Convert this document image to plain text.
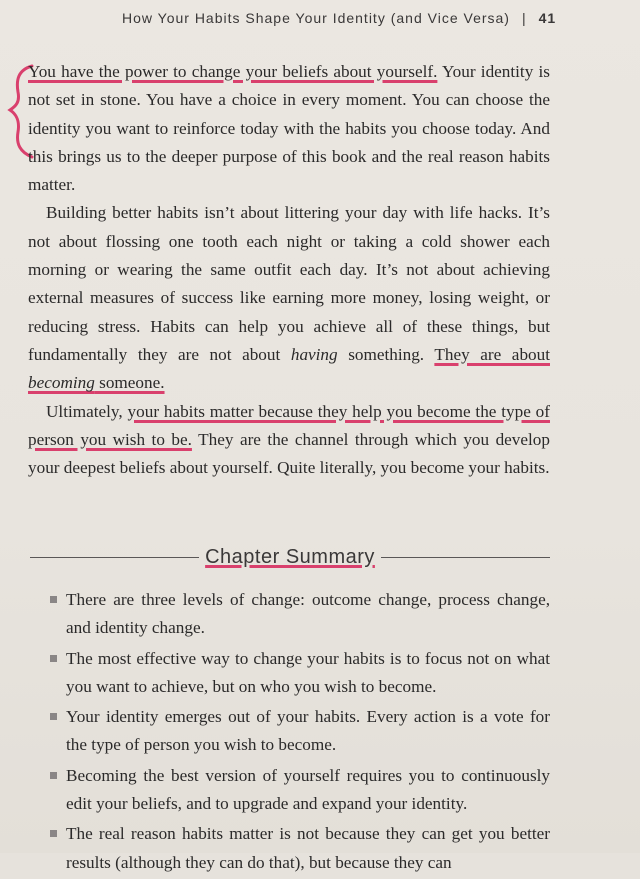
How Your Habits Shape Your Identity (and Vice Versa) | 41

You have the power to change your beliefs about yourself. Your identity is not set in stone. You have a choice in every moment. You can choose the identity you want to reinforce today with the habits you choose today. And this brings us to the deeper purpose of this book and the real reason habits matter.

Building better habits isn’t about littering your day with life hacks. It’s not about flossing one tooth each night or taking a cold shower each morning or wearing the same outfit each day. It’s not about achieving external measures of success like earning more money, losing weight, or reducing stress. Habits can help you achieve all of these things, but fundamentally they are not about having something. They are about becoming someone.

Ultimately, your habits matter because they help you become the type of person you wish to be. They are the channel through which you develop your deepest beliefs about yourself. Quite literally, you become your habits.

Chapter Summary
There are three levels of change: outcome change, process change, and identity change.
The most effective way to change your habits is to focus not on what you want to achieve, but on who you wish to become.
Your identity emerges out of your habits. Every action is a vote for the type of person you wish to become.
Becoming the best version of yourself requires you to continuously edit your beliefs, and to upgrade and expand your identity.
The real reason habits matter is not because they can get you better results (although they can do that), but because they can
